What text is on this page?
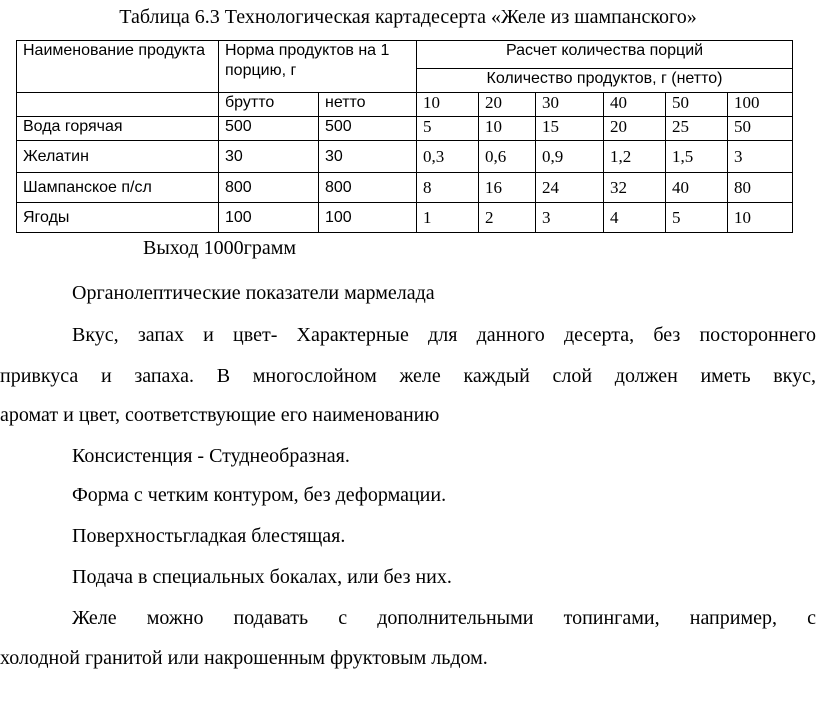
Таблица 6.3 Технологическая картадесерта «Желе из шампанского»
Наименование продукта	Норма продуктов на 1 порцию, г		Расчет количества порций					
			Количество продуктов, г (нетто)					
	брутто	нетто	10	20	30	40	50	100
Вода горячая	500	500	5	10	15	20	25	50
Желатин	30	30	0,3	0,6	0,9	1,2	1,5	3
Шампанское п/сл	800	800	8	16	24	32	40	80
Ягоды	100	100	1	2	3	4	5	10
Выход 1000грамм
Органолептические показатели мармелада
Вкус, запах и цвет- Характерные для данного десерта, без постороннего
привкуса и запаха. В многослойном желе каждый слой должен иметь вкус,
аромат и цвет, соответствующие его наименованию
Консистенция - Студнеобразная.
Форма с четким контуром, без деформации.
Поверхностьгладкая блестящая.
Подача в специальных бокалах, или без них.
Желе можно подавать с дополнительными топингами, например, с
холодной гранитой или накрошенным фруктовым льдом.
